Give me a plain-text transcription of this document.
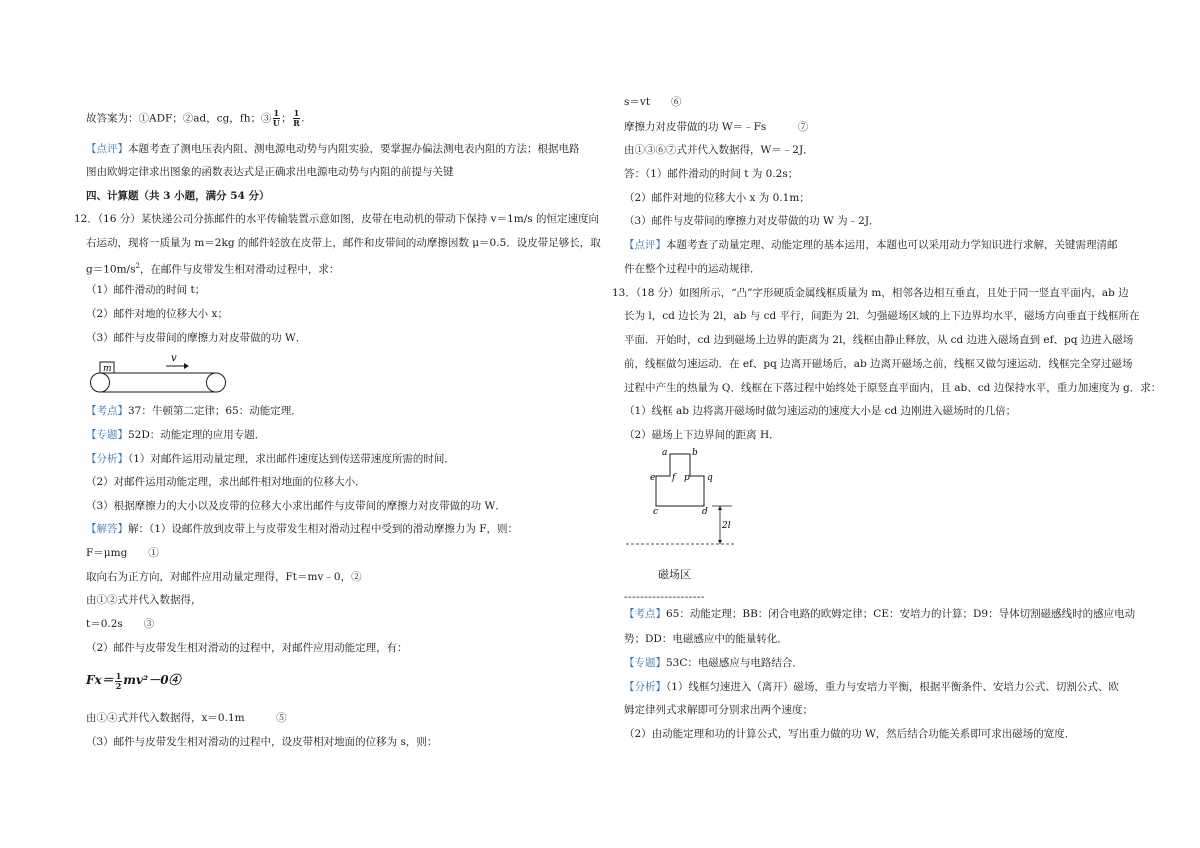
故答案为：①ADF；②ad，cg，fh；③ $\frac{1}{U}$ ； $\frac{1}{R}$ .
【点评】本题考查了测电压表内阻、测电源电动势与内阻实验，要掌握办偏法测电表内阻的方法；根据电路
图由欧姆定律求出图象的函数表达式是正确求出电源电动势与内阻的前提与关键
四、计算题（共 3 小题，满分 54 分）
12．（16 分）某快递公司分拣邮件的水平传输装置示意如图，皮带在电动机的带动下保持 v＝1m/s 的恒定速度向
右运动，现将一质量为 m＝2kg 的邮件轻放在皮带上，邮件和皮带间的动摩擦因数 μ＝0.5．设皮带足够长，取
$g=10m/s^2$，在邮件与皮带发生相对滑动过程中，求：
（1）邮件滑动的时间 t；
（2）邮件对地的位移大小 x；
（3）邮件与皮带间的摩擦力对皮带做的功 W．
m
v
【考点】37：牛顿第二定律；65：动能定理．
【专题】52D：动能定理的应用专题．
【分析】（1）对邮件运用动量定理，求出邮件速度达到传送带速度所需的时间．
（2）对邮件运用动能定理，求出邮件相对地面的位移大小．
（3）根据摩擦力的大小以及皮带的位移大小求出邮件与皮带间的摩擦力对皮带做的功 W．
【解答】解：（1）设邮件放到皮带上与皮带发生相对滑动过程中受到的滑动摩擦力为 F，则：
F＝μmg　　①
取向右为正方向，对邮件应用动量定理得，Ft＝mv﹣0，②
由①②式并代入数据得，
t＝0.2s　　③
（2）邮件与皮带发生相对滑动的过程中，对邮件应用动能定理，有：
$Fx= \frac{1}{2}$ mv²－0④
由①④式并代入数据得，x＝0.1m　　　⑤
（3）邮件与皮带发生相对滑动的过程中，设皮带相对地面的位移为 s，则：
s＝vt　　⑥
摩擦力对皮带做的功 W＝﹣Fs　　　⑦
由①③⑥⑦式并代入数据得，W＝﹣2J．
答：（1）邮件滑动的时间 t 为 0.2s；
（2）邮件对地的位移大小 x 为 0.1m；
（3）邮件与皮带间的摩擦力对皮带做的功 W 为﹣2J．
【点评】本题考查了动量定理、动能定理的基本运用，本题也可以采用动力学知识进行求解，关键需理清邮
件在整个过程中的运动规律．
13．（18 分）如图所示，“凸”字形硬质金属线框质量为 m，相邻各边相互垂直，且处于同一竖直平面内，ab 边
长为 l，cd 边长为 2l，ab 与 cd 平行，间距为 2l．匀强磁场区域的上下边界均水平，磁场方向垂直于线框所在
平面．开始时，cd 边到磁场上边界的距离为 2l，线框由静止释放，从 cd 边进入磁场直到 ef、pq 边进入磁场
前，线框做匀速运动．在 ef、pq 边离开磁场后，ab 边离开磁场之前，线框又做匀速运动．线框完全穿过磁场
过程中产生的热量为 Q．线框在下落过程中始终处于原竖直平面内，且 ab、cd 边保持水平，重力加速度为 g．求：
（1）线框 ab 边将离开磁场时做匀速运动的速度大小是 cd 边刚进入磁场时的几倍；
（2）磁场上下边界间的距离 H．
a	b
e f p q
c	d
2l
磁场区
--------------------
【考点】65：动能定理；BB：闭合电路的欧姆定律；CE：安培力的计算；D9：导体切割磁感线时的感应电动
势；DD：电磁感应中的能量转化．
【专题】53C：电磁感应与电路结合．
【分析】（1）线框匀速进入（离开）磁场，重力与安培力平衡，根据平衡条件、安培力公式、切割公式、欧
姆定律列式求解即可分别求出两个速度；
（2）由动能定理和功的计算公式，写出重力做的功 W，然后结合功能关系即可求出磁场的宽度．
